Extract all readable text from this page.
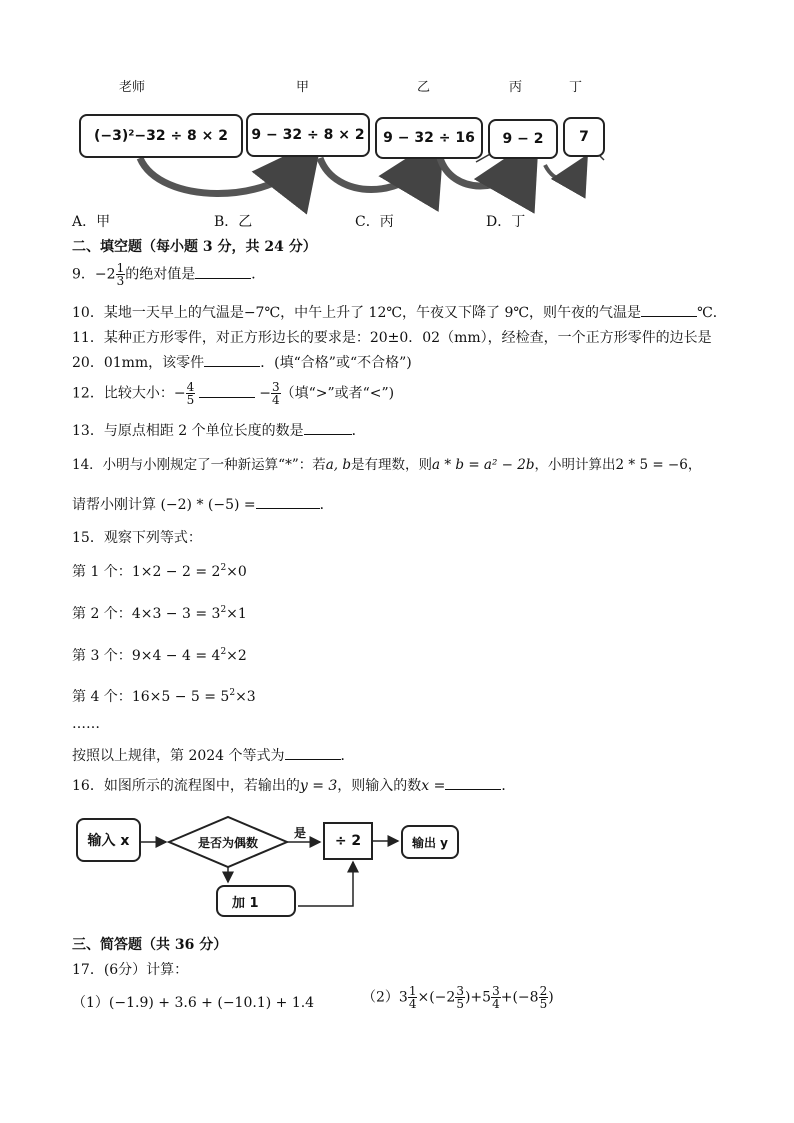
老师	甲	乙	丙	丁
(−3)²−32 ÷ 8 × 2	9 − 32 ÷ 8 × 2	9 − 32 ÷ 16	9 − 2	7
A．甲	B．乙	C．丙	D．丁
二、填空题（每小题 3 分，共 24 分）
9．$-2 \frac{1}{3}$ 的绝对值是	．
10．某地一天早上的气温是−7℃，中午上升了 12℃，午夜又下降了 9℃，则午夜的气温是	℃．
11．某种正方形零件，对正方形边长的要求是：20±0．02（mm），经检查，一个正方形零件的边长是
20．01mm，该零件	．(填“合格”或“不合格”)
12．比较大小：− $\frac{4}{5}$	− $\frac{3}{4}$ （填“>”或者“<”)
13．与原点相距 2 个单位长度的数是	．
14．小明与小刚规定了一种新运算“*”：若a, b是有理数，则a * b = a² − 2b，小明计算出2 * 5 = −6，
请帮小刚计算 (−2) * (−5) =	．
15．观察下列等式：
第 1 个：$1\times 2 - 2 = 2^2\times 0$
第 2 个：$4\times 3 - 3 = 3^2\times 1$
第 3 个：$9\times 4 - 4 = 4^2\times 2$
第 4 个：$16\times 5 - 5 = 5^2\times 3$
……
按照以上规律，第 2024 个等式为	．
16．如图所示的流程图中，若输出的y = 3，则输入的数x =	．
输入 x	是否为偶数
是	÷ 2	输出 y
加 1
三、简答题（共 36 分）
17．(6分）计算：
（1）(−1.9) + 3.6 + (−10.1) + 1.4	$(2)3 \frac{1}{4} \times(-2 \frac{3}{5} )+5 \frac{3}{4} +(-8 \frac{2}{5}$ )
